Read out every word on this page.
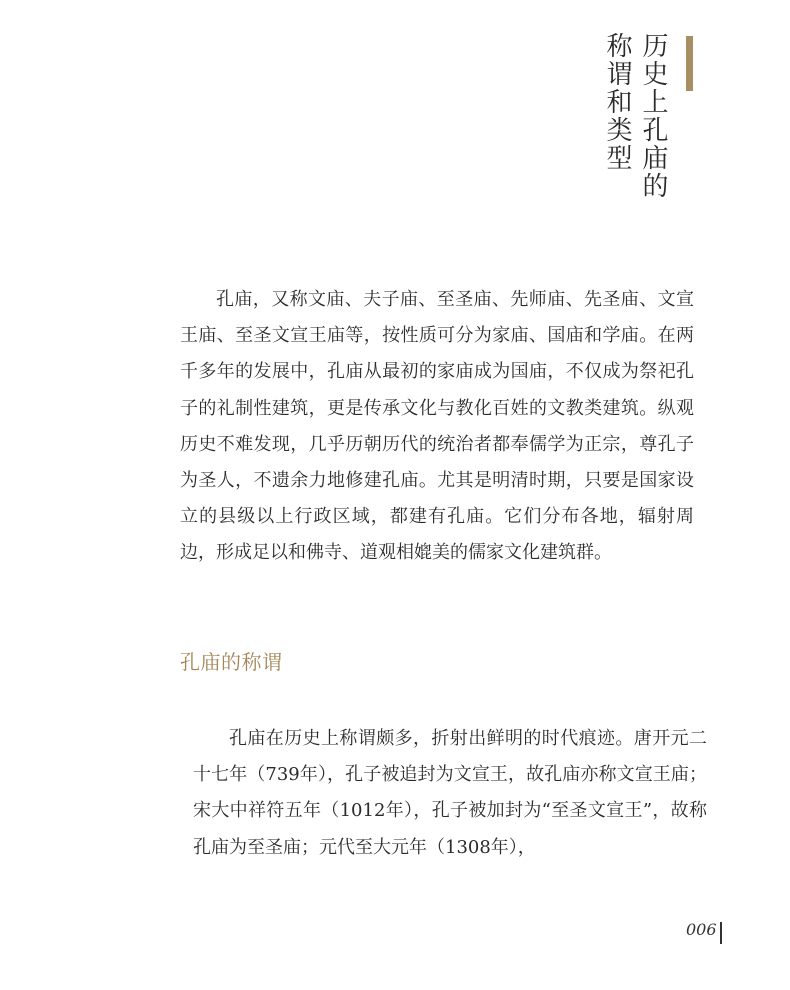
历史上孔庙的
称谓和类型

孔庙，又称文庙、夫子庙、至圣庙、先师庙、先圣庙、文宣王庙、至圣文宣王庙等，按性质可分为家庙、国庙和学庙。在两千多年的发展中，孔庙从最初的家庙成为国庙，不仅成为祭祀孔子的礼制性建筑，更是传承文化与教化百姓的文教类建筑。纵观历史不难发现，几乎历朝历代的统治者都奉儒学为正宗，尊孔子为圣人，不遗余力地修建孔庙。尤其是明清时期，只要是国家设立的县级以上行政区域，都建有孔庙。它们分布各地，辐射周边，形成足以和佛寺、道观相媲美的儒家文化建筑群。

孔庙的称谓

孔庙在历史上称谓颇多，折射出鲜明的时代痕迹。唐开元二十七年（739年），孔子被追封为文宣王，故孔庙亦称文宣王庙；宋大中祥符五年（1012年），孔子被加封为“至圣文宣王”，故称孔庙为至圣庙；元代至大元年（1308年），

006
